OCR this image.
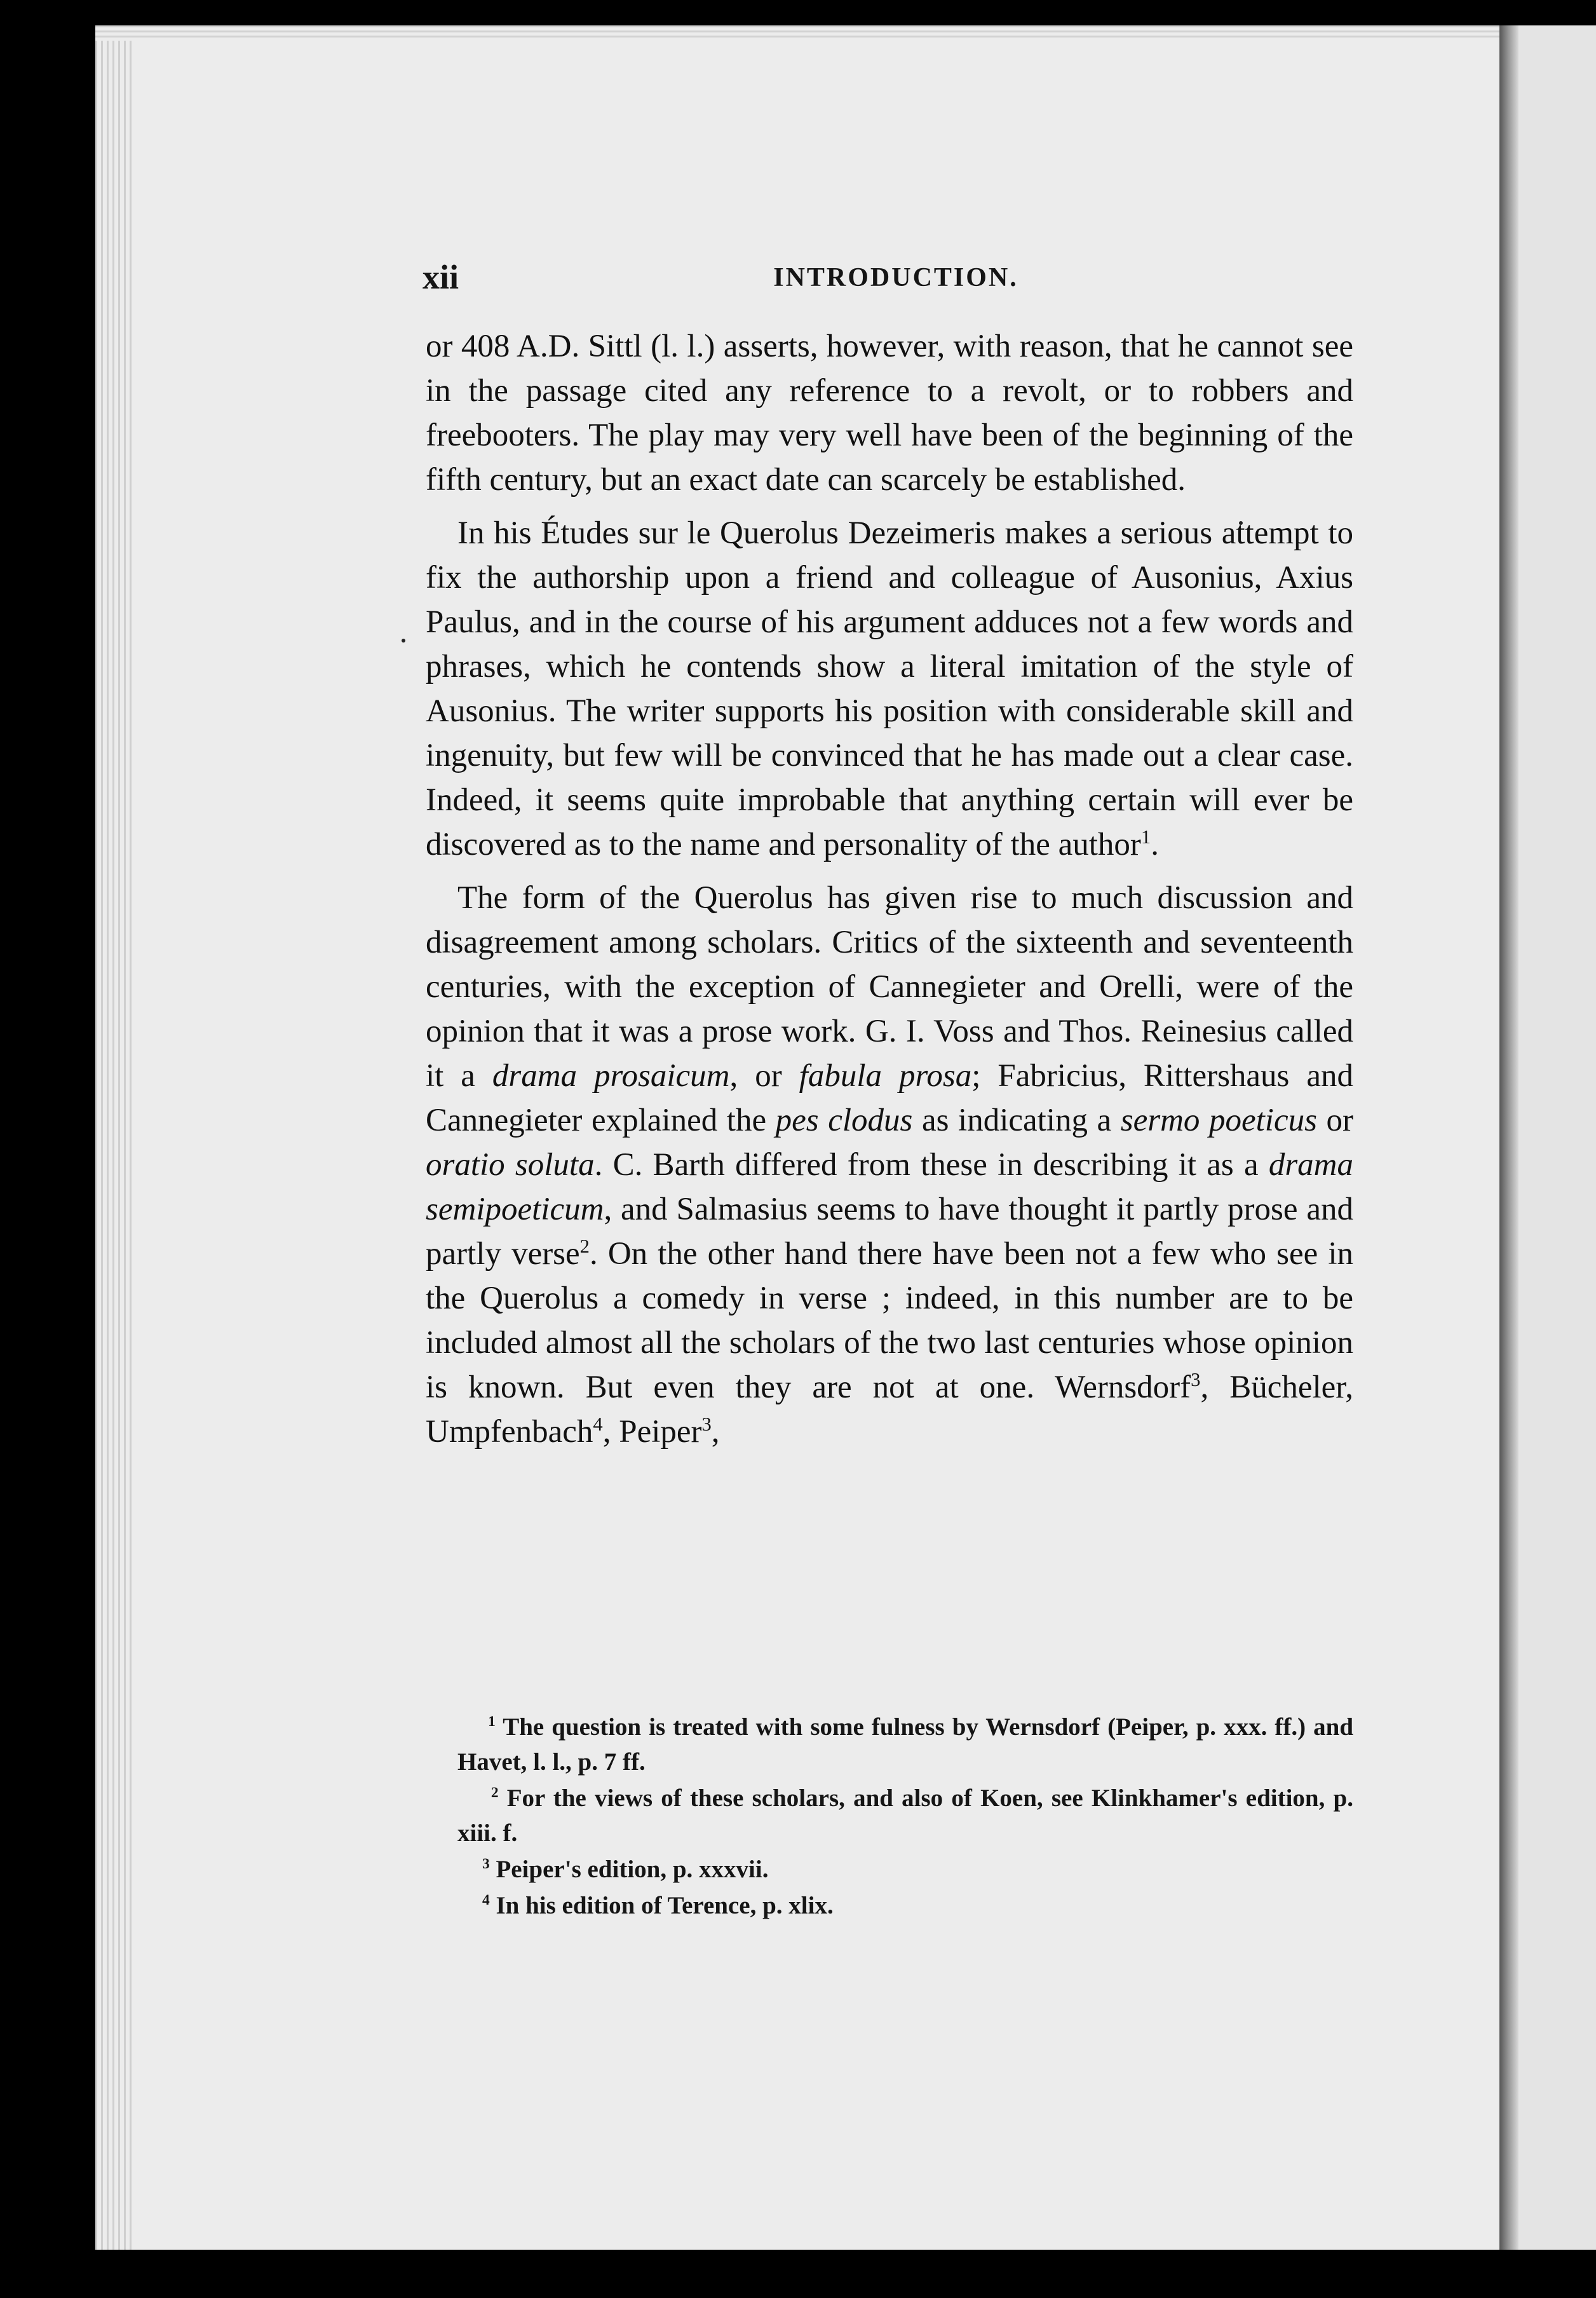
xii	INTRODUCTION.

or 408 A.D. Sittl (l. l.) asserts, however, with reason, that he cannot see in the passage cited any reference to a revolt, or to robbers and freebooters. The play may very well have been of the beginning of the fifth century, but an exact date can scarcely be established.

In his Études sur le Querolus Dezeimeris makes a serious attempt to fix the authorship upon a friend and colleague of Ausonius, Axius Paulus, and in the course of his argument adduces not a few words and phrases, which he contends show a literal imitation of the style of Ausonius. The writer supports his position with considerable skill and ingenuity, but few will be convinced that he has made out a clear case. Indeed, it seems quite improbable that anything certain will ever be discovered as to the name and personality of the author$^1$.

The form of the Querolus has given rise to much discussion and disagreement among scholars. Critics of the sixteenth and seventeenth centuries, with the exception of Cannegieter and Orelli, were of the opinion that it was a prose work. G. I. Voss and Thos. Reinesius called it a drama prosaicum, or fabula prosa; Fabricius, Rittershaus and Cannegieter explained the pes clodus as indicating a sermo poeticus or oratio soluta. C. Barth differed from these in describing it as a drama semipoeticum, and Salmasius seems to have thought it partly prose and partly verse$^2$. On the other hand there have been not a few who see in the Querolus a comedy in verse ; indeed, in this number are to be included almost all the scholars of the two last centuries whose opinion is known. But even they are not at one. Wernsdorf$^3$, Bücheler, Umpfenbach$^4$, Peiper$^3$,

$^1$ The question is treated with some fulness by Wernsdorf (Peiper, p. xxx. ff.) and Havet, l. l., p. 7 ff.
$^2$ For the views of these scholars, and also of Koen, see Klinkhamer's edition, p. xiii. f.
$^3$ Peiper's edition, p. xxxvii.
$^4$ In his edition of Terence, p. xlix.
